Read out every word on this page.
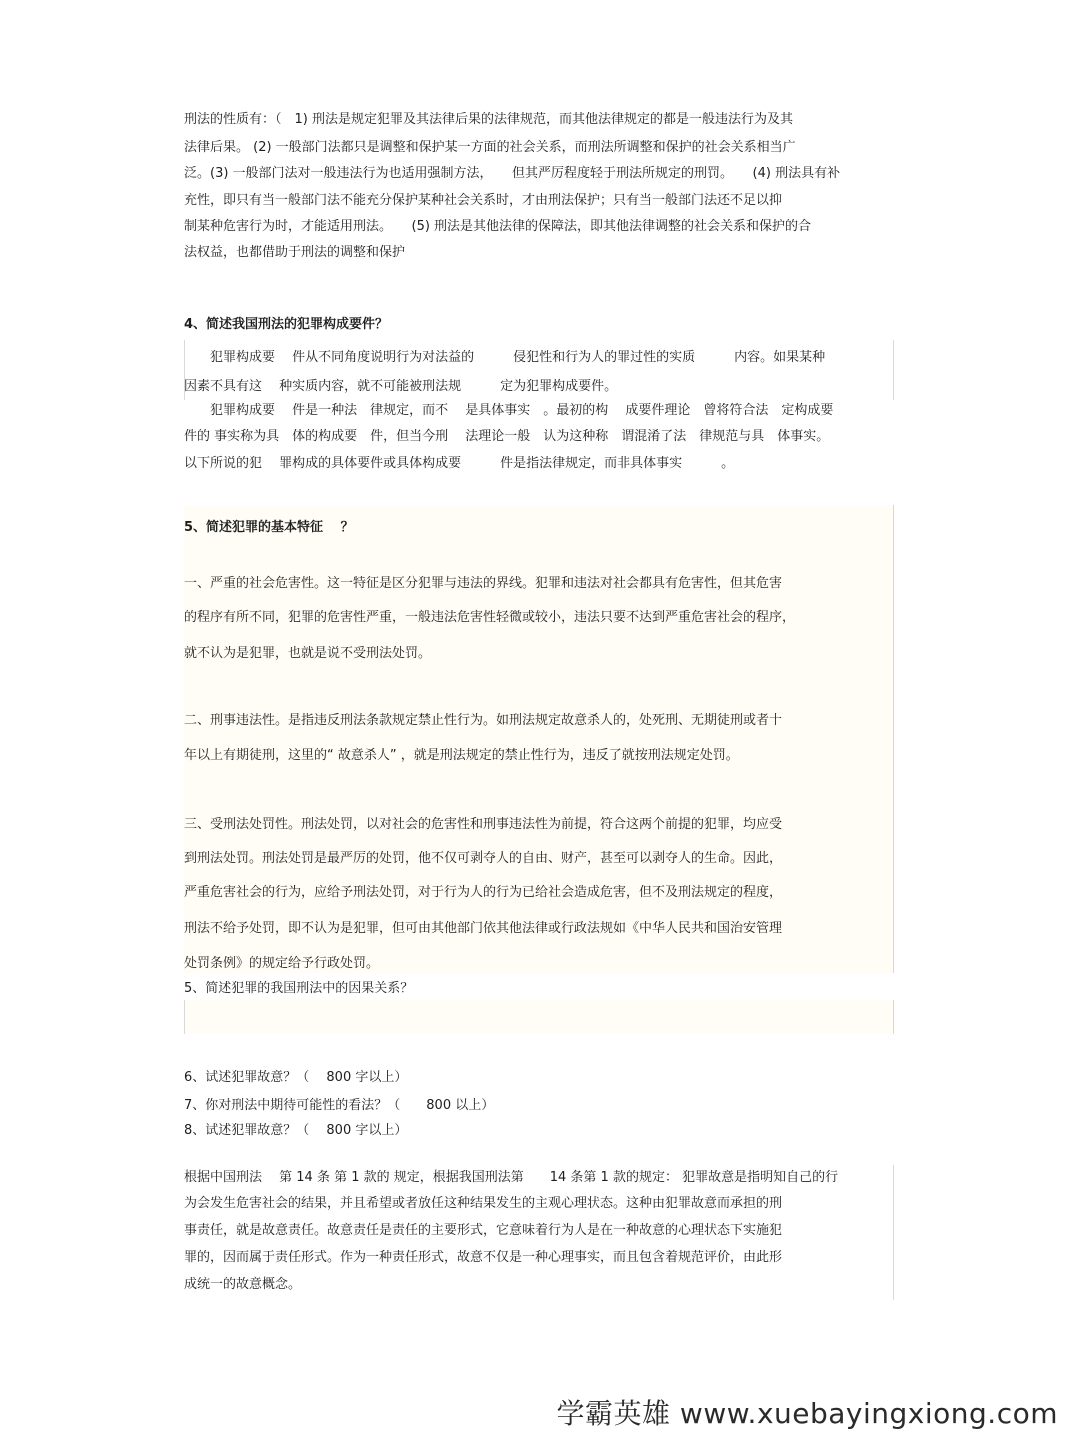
刑法的性质有：（　1) 刑法是规定犯罪及其法律后果的法律规范，而其他法律规定的都是一般违法行为及其
法律后果。 (2) 一般部门法都只是调整和保护某一方面的社会关系，而刑法所调整和保护的社会关系相当广
泛。(3) 一般部门法对一般违法行为也适用强制方法，　　但其严厉程度轻于刑法所规定的刑罚。　　(4) 刑法具有补
充性，即只有当一般部门法不能充分保护某种社会关系时，才由刑法保护；只有当一般部门法还不足以抑
制某种危害行为时，才能适用刑法。　　(5) 刑法是其他法律的保障法，即其他法律调整的社会关系和保护的合
法权益，也都借助于刑法的调整和保护
4、简述我国刑法的犯罪构成要件？
　　犯罪构成要　 件从不同角度说明行为对法益的　　　侵犯性和行为人的罪过性的实质　　　内容。如果某种
因素不具有这　 种实质内容，就不可能被刑法规　　　定为犯罪构成要件。
　　犯罪构成要　 件是一种法　律规定，而不　 是具体事实　。最初的构　 成要件理论　曾将符合法　定构成要
件的 事实称为具　体的构成要　件，但当今刑　 法理论一般　认为这种称　谓混淆了法　律规范与具　体事实。
以下所说的犯　 罪构成的具体要件或具体构成要　　　件是指法律规定，而非具体事实　　　。
5、简述犯罪的基本特征　 ？
一、严重的社会危害性。这一特征是区分犯罪与违法的界线。犯罪和违法对社会都具有危害性，但其危害
的程序有所不同，犯罪的危害性严重，一般违法危害性轻微或较小，违法只要不达到严重危害社会的程序，
就不认为是犯罪，也就是说不受刑法处罚。
二、刑事违法性。是指违反刑法条款规定禁止性行为。如刑法规定故意杀人的，处死刑、无期徒刑或者十
年以上有期徒刑，这里的“ 故意杀人” ，就是刑法规定的禁止性行为，违反了就按刑法规定处罚。
三、受刑法处罚性。刑法处罚，以对社会的危害性和刑事违法性为前提，符合这两个前提的犯罪，均应受
到刑法处罚。刑法处罚是最严厉的处罚，他不仅可剥夺人的自由、财产，甚至可以剥夺人的生命。因此，
严重危害社会的行为，应给予刑法处罚，对于行为人的行为已给社会造成危害，但不及刑法规定的程度，
刑法不给予处罚，即不认为是犯罪，但可由其他部门依其他法律或行政法规如《中华人民共和国治安管理
处罚条例》的规定给予行政处罚。
5、简述犯罪的我国刑法中的因果关系？
6、试述犯罪故意？（　 800 字以上）
7、你对刑法中期待可能性的看法？（　　800 以上）
8、试述犯罪故意？（　 800 字以上）
根据中国刑法　 第 14 条 第 1 款的 规定，根据我国刑法第　　14 条第 1 款的规定： 犯罪故意是指明知自己的行
为会发生危害社会的结果，并且希望或者放任这种结果发生的主观心理状态。这种由犯罪故意而承担的刑
事责任，就是故意责任。故意责任是责任的主要形式，它意味着行为人是在一种故意的心理状态下实施犯
罪的，因而属于责任形式。作为一种责任形式，故意不仅是一种心理事实，而且包含着规范评价，由此形
成统一的故意概念。
学霸英雄 www.xuebayingxiong.com
